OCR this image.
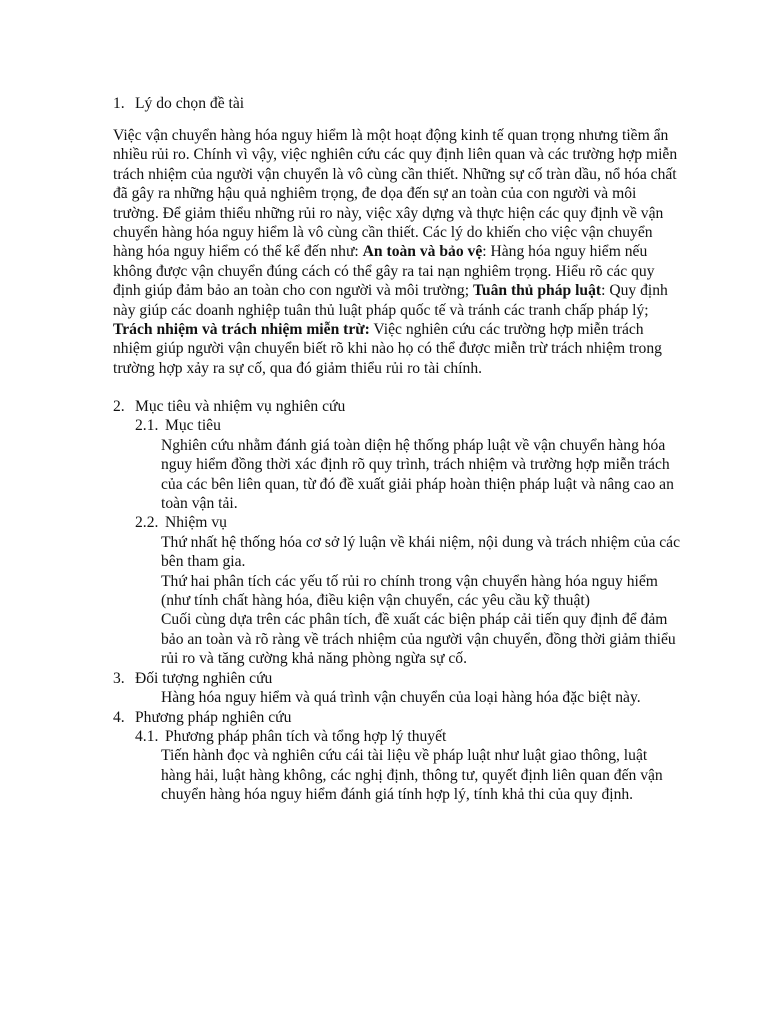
1. Lý do chọn đề tài

Việc vận chuyển hàng hóa nguy hiểm là một hoạt động kinh tế quan trọng nhưng tiềm ẩn nhiều rủi ro. Chính vì vậy, việc nghiên cứu các quy định liên quan và các trường hợp miễn trách nhiệm của người vận chuyển là vô cùng cần thiết. Những sự cố tràn dầu, nổ hóa chất đã gây ra những hậu quả nghiêm trọng, đe dọa đến sự an toàn của con người và môi trường. Để giảm thiểu những rủi ro này, việc xây dựng và thực hiện các quy định về vận chuyển hàng hóa nguy hiểm là vô cùng cần thiết. Các lý do khiến cho việc vận chuyển hàng hóa nguy hiểm có thể kể đến như: An toàn và bảo vệ: Hàng hóa nguy hiểm nếu không được vận chuyển đúng cách có thể gây ra tai nạn nghiêm trọng. Hiểu rõ các quy định giúp đảm bảo an toàn cho con người và môi trường; Tuân thủ pháp luật: Quy định này giúp các doanh nghiệp tuân thủ luật pháp quốc tế và tránh các tranh chấp pháp lý; Trách nhiệm và trách nhiệm miễn trừ: Việc nghiên cứu các trường hợp miễn trách nhiệm giúp người vận chuyển biết rõ khi nào họ có thể được miễn trừ trách nhiệm trong trường hợp xảy ra sự cố, qua đó giảm thiểu rủi ro tài chính.

2. Mục tiêu và nhiệm vụ nghiên cứu
2.1. Mục tiêu
Nghiên cứu nhằm đánh giá toàn diện hệ thống pháp luật về vận chuyển hàng hóa nguy hiểm đồng thời xác định rõ quy trình, trách nhiệm và trường hợp miễn trách của các bên liên quan, từ đó đề xuất giải pháp hoàn thiện pháp luật và nâng cao an toàn vận tải.
2.2. Nhiệm vụ
Thứ nhất hệ thống hóa cơ sở lý luận về khái niệm, nội dung và trách nhiệm của các bên tham gia.
Thứ hai phân tích các yếu tố rủi ro chính trong vận chuyển hàng hóa nguy hiểm (như tính chất hàng hóa, điều kiện vận chuyển, các yêu cầu kỹ thuật)
Cuối cùng dựa trên các phân tích, đề xuất các biện pháp cải tiến quy định để đảm bảo an toàn và rõ ràng về trách nhiệm của người vận chuyển, đồng thời giảm thiểu rủi ro và tăng cường khả năng phòng ngừa sự cố.
3. Đối tượng nghiên cứu
Hàng hóa nguy hiểm và quá trình vận chuyển của loại hàng hóa đặc biệt này.
4. Phương pháp nghiên cứu
4.1. Phương pháp phân tích và tổng hợp lý thuyết
Tiến hành đọc và nghiên cứu cái tài liệu về pháp luật như luật giao thông, luật hàng hải, luật hàng không, các nghị định, thông tư, quyết định liên quan đến vận chuyển hàng hóa nguy hiểm đánh giá tính hợp lý, tính khả thi của quy định.
